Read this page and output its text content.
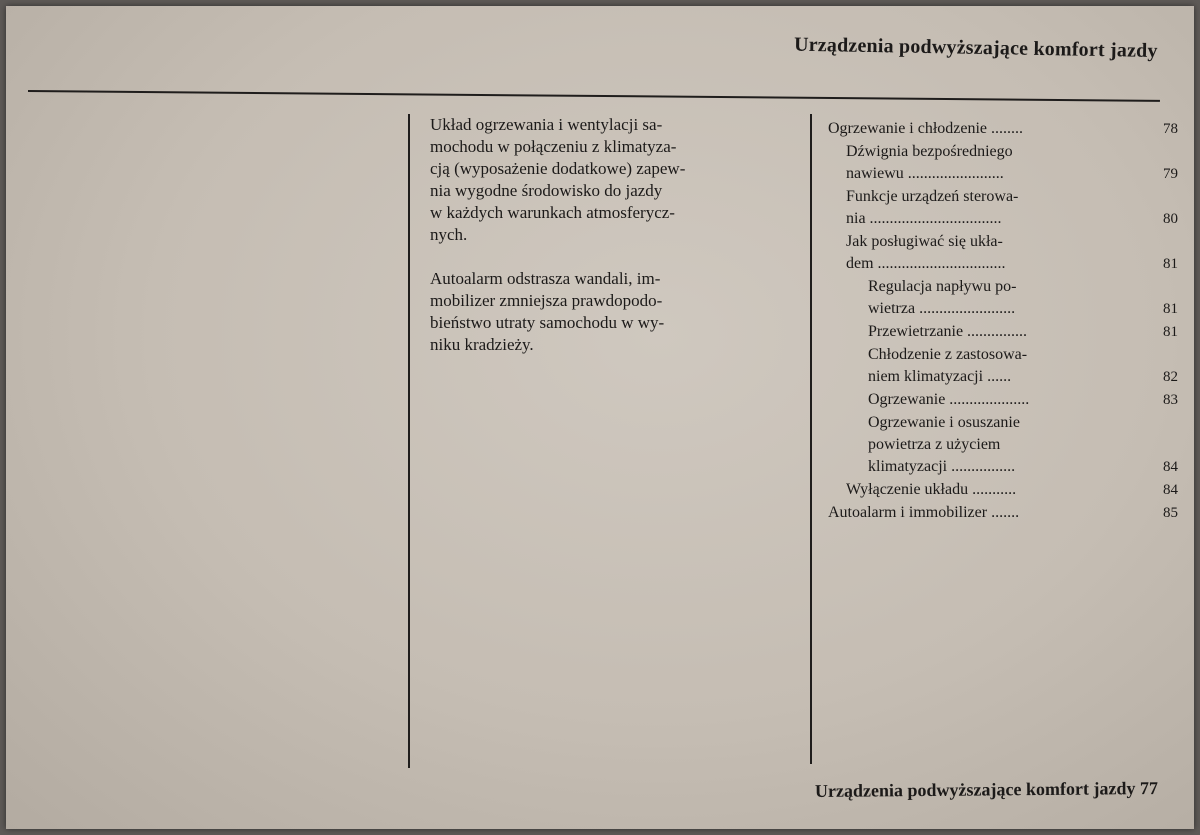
Urządzenia podwyższające komfort jazdy

Układ ogrzewania i wentylacji sa-
mochodu w połączeniu z klimatyza-
cją (wyposażenie dodatkowe) zapew-
nia wygodne środowisko do jazdy
w każdych warunkach atmosferycz-
nych.

Autoalarm odstrasza wandali, im-
mobilizer zmniejsza prawdopodo-
bieństwo utraty samochodu w wy-
niku kradzieży.

Ogrzewanie i chłodzenie ........	78
Dźwignia bezpośredniego
nawiewu ........................	79
Funkcje urządzeń sterowa-
nia .................................	80
Jak posługiwać się ukła-
dem ................................	81
Regulacja napływu po-
wietrza ........................	81
Przewietrzanie ...............	81
Chłodzenie z zastosowa-
niem klimatyzacji ......	82
Ogrzewanie ....................	83
Ogrzewanie i osuszanie
powietrza z użyciem
klimatyzacji ................	84
Wyłączenie układu ...........	84
Autoalarm i immobilizer .......	85
Urządzenia podwyższające komfort jazdy 77
